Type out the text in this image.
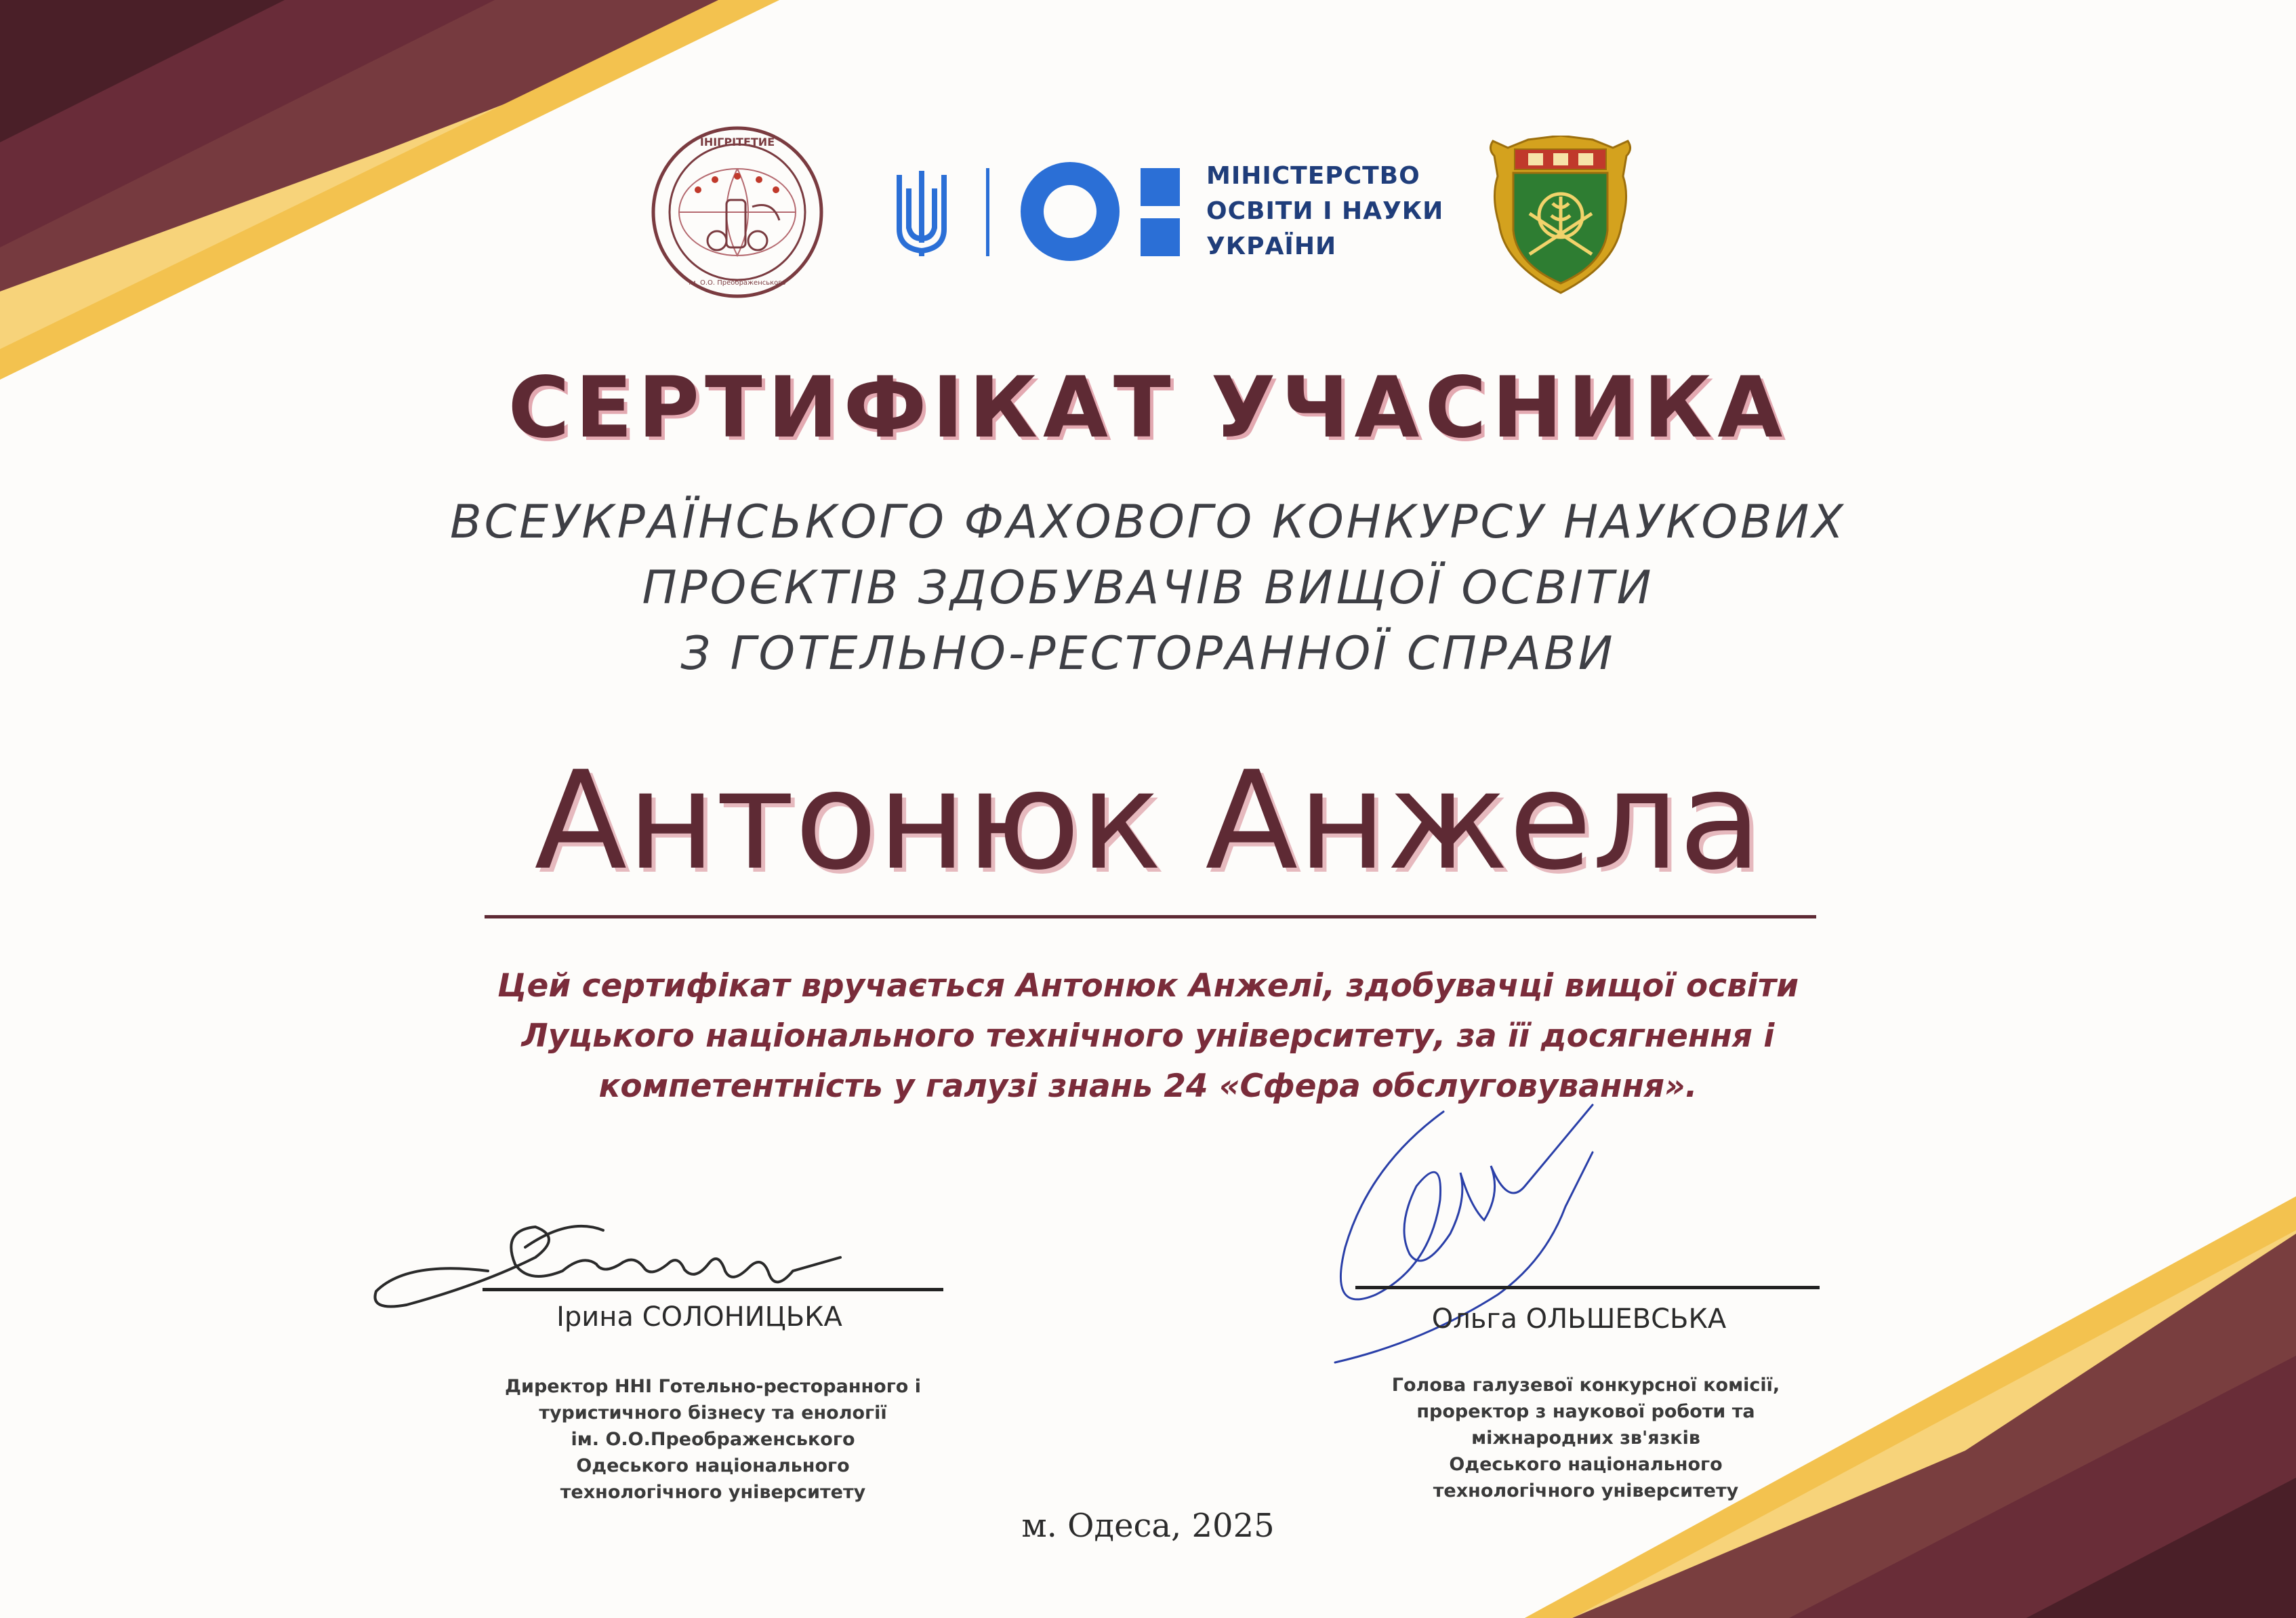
ІНІГРІТЕТИЕ
ім. О.О. Преображенського
МІНІСТЕРСТВО
ОСВІТИ І НАУКИ
УКРАЇНИ
СЕРТИФІКАТ УЧАСНИКА
ВСЕУКРАЇНСЬКОГО ФАХОВОГО КОНКУРСУ НАУКОВИХ
ПРОЄКТІВ ЗДОБУВАЧІВ ВИЩОЇ ОСВІТИ
З ГОТЕЛЬНО-РЕСТОРАННОЇ СПРАВИ
Антонюк Анжела
Цей сертифікат вручається Антонюк Анжелі, здобувачці вищої освіти
Луцького національного технічного університету, за її досягнення і
компетентність у галузі знань 24 «Сфера обслуговування».
Ірина СОЛОНИЦЬКА
Директор ННІ Готельно-ресторанного і
туристичного бізнесу та енології
ім. О.О.Преображенського
Одеського національного
технологічного університету
Ольга ОЛЬШЕВСЬКА
Голова галузевої конкурсної комісії,
проректор з наукової роботи та
міжнародних зв'язків
Одеського національного
технологічного університету
м. Одеса, 2025
